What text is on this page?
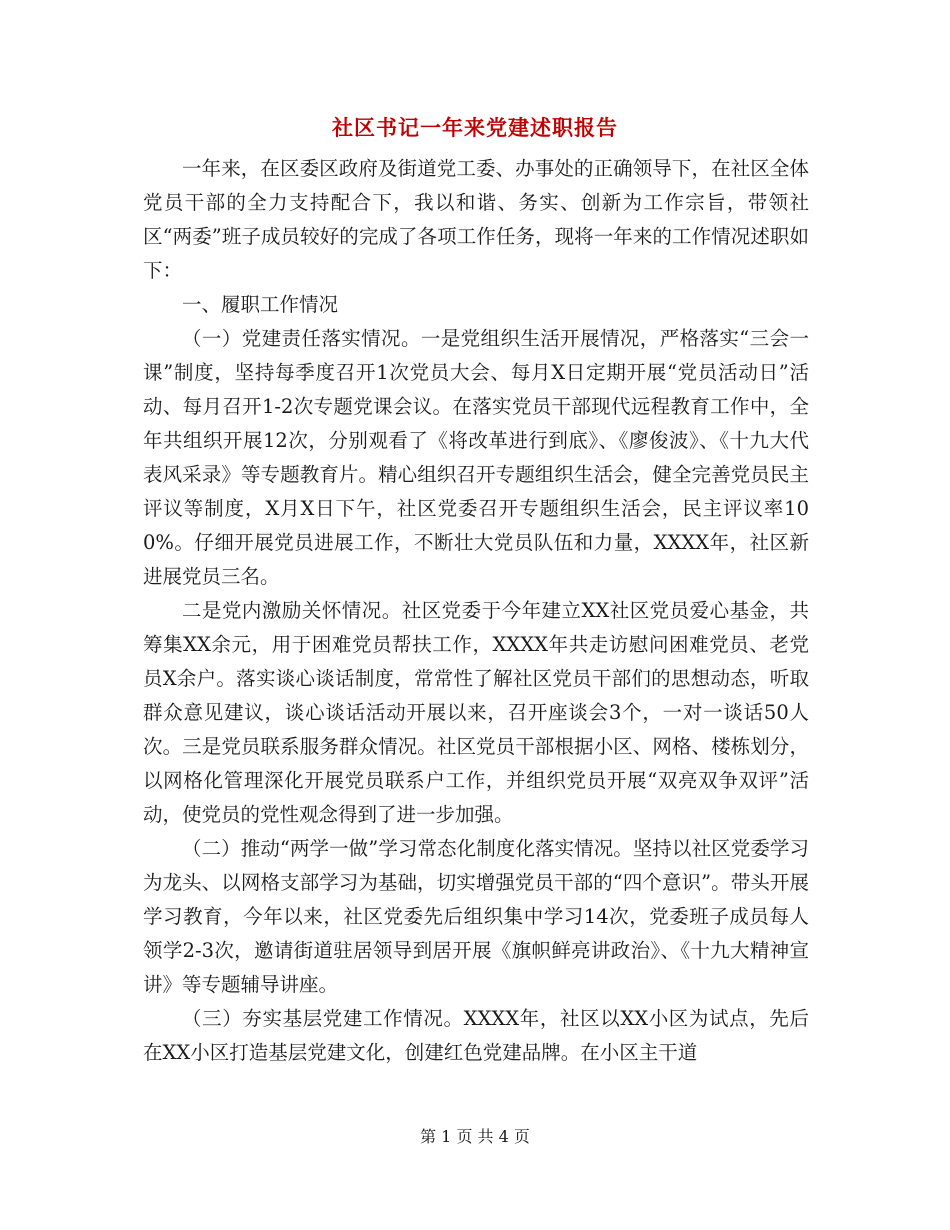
社区书记一年来党建述职报告

一年来，在区委区政府及街道党工委、办事处的正确领导下，在社区全体党员干部的全力支持配合下，我以和谐、务实、创新为工作宗旨，带领社区“两委”班子成员较好的完成了各项工作任务，现将一年来的工作情况述职如下：

一、履职工作情况

（一）党建责任落实情况。一是党组织生活开展情况，严格落实“三会一课”制度，坚持每季度召开1次党员大会、每月X日定期开展“党员活动日”活动、每月召开1-2次专题党课会议。在落实党员干部现代远程教育工作中，全年共组织开展12次，分别观看了《将改革进行到底》、《廖俊波》、《十九大代表风采录》等专题教育片。精心组织召开专题组织生活会，健全完善党员民主评议等制度，X月X日下午，社区党委召开专题组织生活会，民主评议率100%。仔细开展党员进展工作，不断壮大党员队伍和力量，XXXX年，社区新进展党员三名。

二是党内激励关怀情况。社区党委于今年建立XX社区党员爱心基金，共筹集XX余元，用于困难党员帮扶工作，XXXX年共走访慰问困难党员、老党员X余户。落实谈心谈话制度，常常性了解社区党员干部们的思想动态，听取群众意见建议，谈心谈话活动开展以来，召开座谈会3个，一对一谈话50人次。三是党员联系服务群众情况。社区党员干部根据小区、网格、楼栋划分，以网格化管理深化开展党员联系户工作，并组织党员开展“双亮双争双评”活动，使党员的党性观念得到了进一步加强。

（二）推动“两学一做”学习常态化制度化落实情况。坚持以社区党委学习为龙头、以网格支部学习为基础，切实增强党员干部的“四个意识”。带头开展学习教育，今年以来，社区党委先后组织集中学习14次，党委班子成员每人领学2-3次，邀请街道驻居领导到居开展《旗帜鲜亮讲政治》、《十九大精神宣讲》等专题辅导讲座。

（三）夯实基层党建工作情况。XXXX年，社区以XX小区为试点，先后在XX小区打造基层党建文化，创建红色党建品牌。在小区主干道

第 1 页 共 4 页
